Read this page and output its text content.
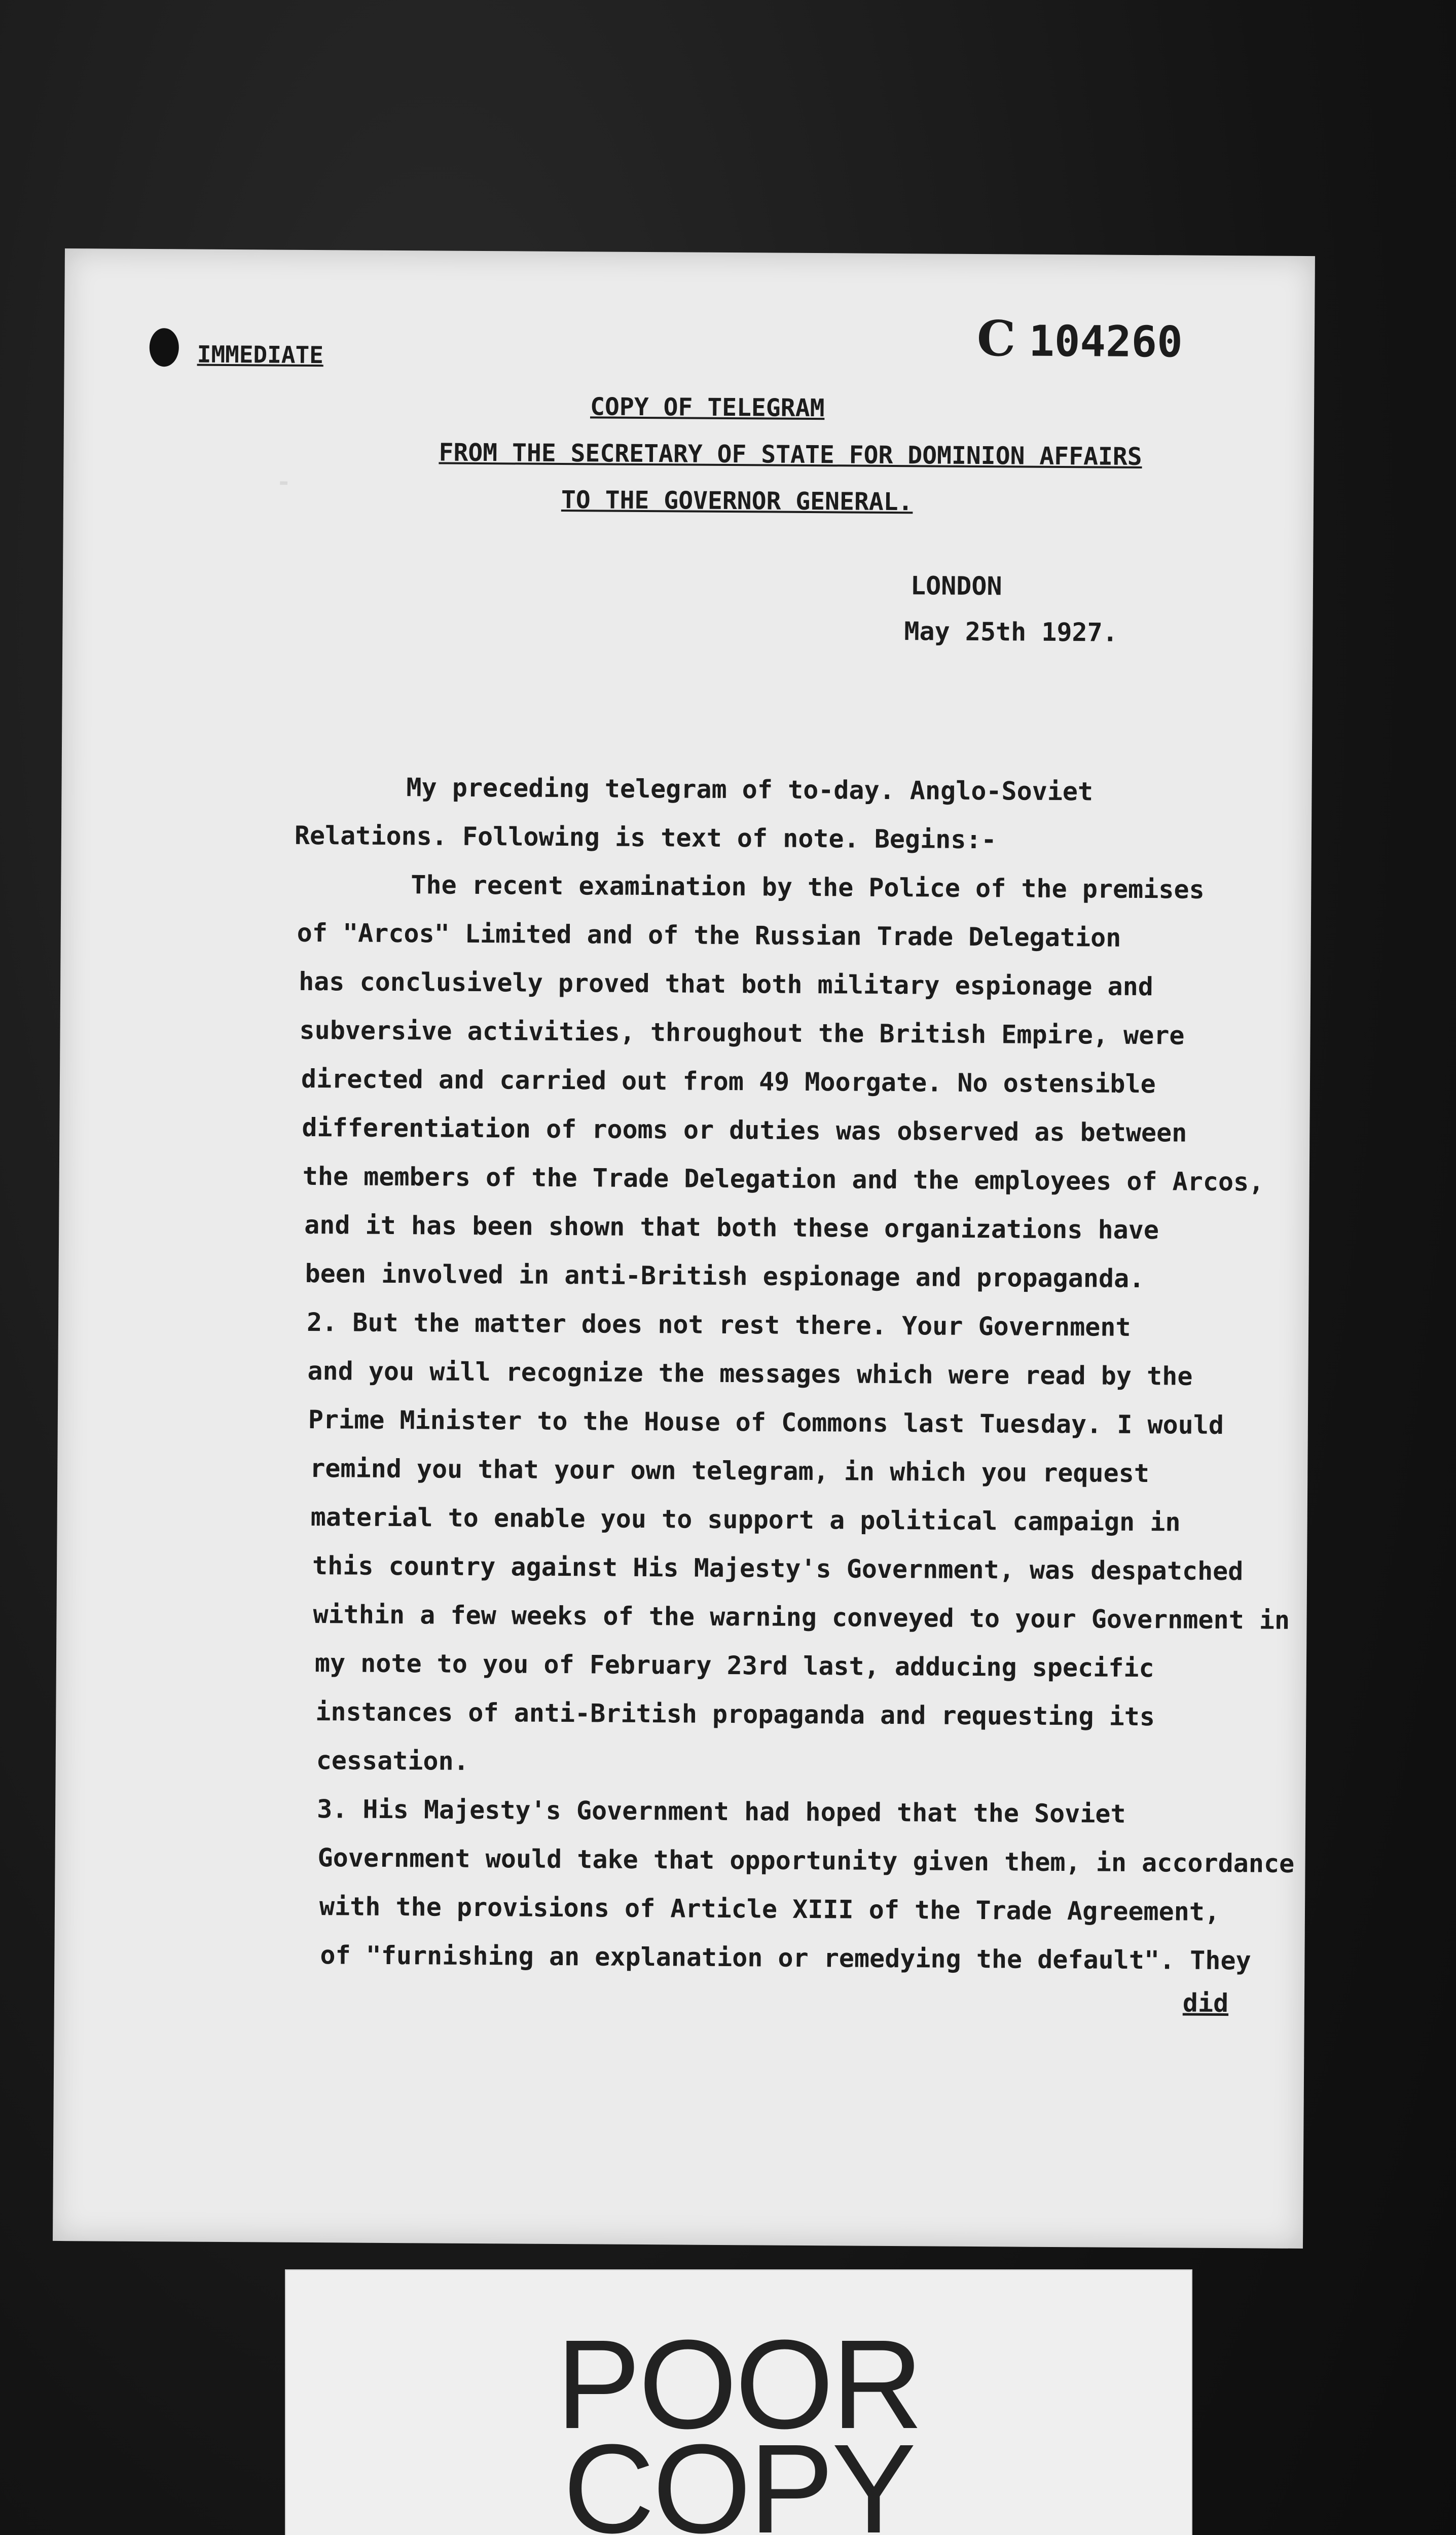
-
IMMEDIATE	C 104260
COPY OF TELEGRAM
FROM THE SECRETARY OF STATE FOR DOMINION AFFAIRS
TO THE GOVERNOR GENERAL.
LONDON
May 25th 1927.
My preceding telegram of to-day. Anglo-Soviet
Relations. Following is text of note. Begins:-
The recent examination by the Police of the premises
of "Arcos" Limited and of the Russian Trade Delegation
has conclusively proved that both military espionage and
subversive activities, throughout the British Empire, were
directed and carried out from 49 Moorgate. No ostensible
differentiation of rooms or duties was observed as between
the members of the Trade Delegation and the employees of Arcos,
and it has been shown that both these organizations have
been involved in anti-British espionage and propaganda.
2. But the matter does not rest there. Your Government
and you will recognize the messages which were read by the
Prime Minister to the House of Commons last Tuesday. I would
remind you that your own telegram, in which you request
material to enable you to support a political campaign in
this country against His Majesty's Government, was despatched
within a few weeks of the warning conveyed to your Government in
my note to you of February 23rd last, adducing specific
instances of anti-British propaganda and requesting its
cessation.
3. His Majesty's Government had hoped that the Soviet
Government would take that opportunity given them, in accordance
with the provisions of Article XIII of the Trade Agreement,
of "furnishing an explanation or remedying the default". They
did
POOR
COPY
